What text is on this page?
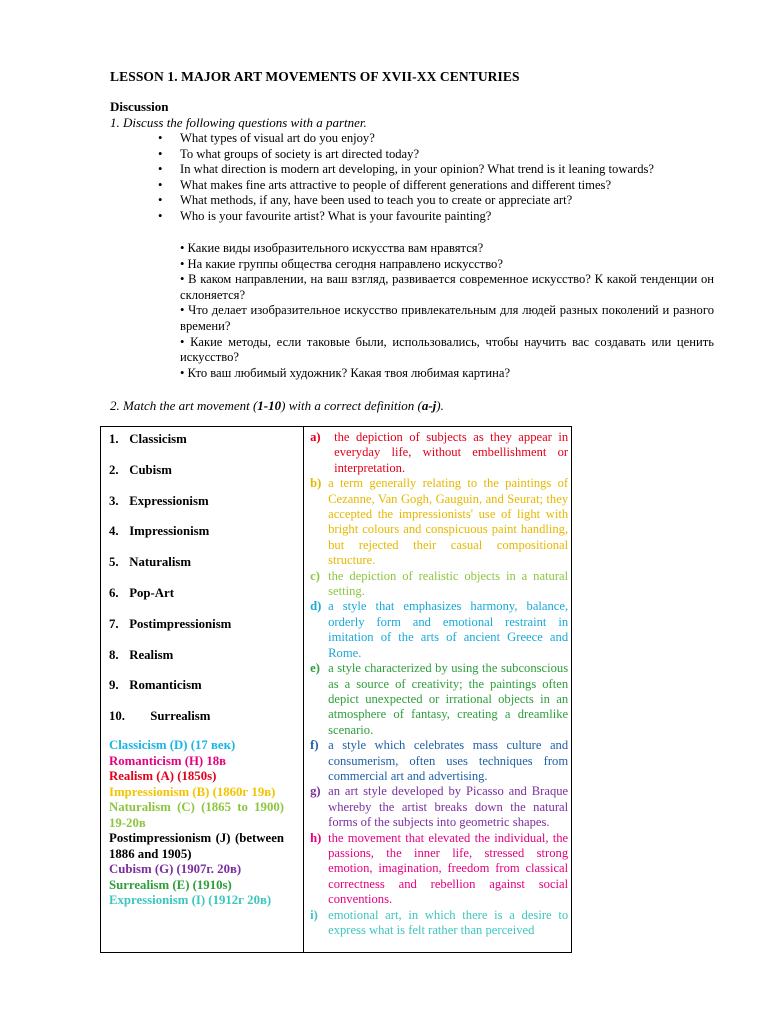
LESSON 1. MAJOR ART MOVEMENTS OF XVII-XX CENTURIES
Discussion
1. Discuss the following questions with a partner.
• What types of visual art do you enjoy?
• To what groups of society is art directed today?
• In what direction is modern art developing, in your opinion? What trend is it leaning towards?
• What makes fine arts attractive to people of different generations and different times?
• What methods, if any, have been used to teach you to create or appreciate art?
• Who is your favourite artist? What is your favourite painting?
• Какие виды изобразительного искусства вам нравятся?
• На какие группы общества сегодня направлено искусство?
• В каком направлении, на ваш взгляд, развивается современное искусство? К какой тенденции он склоняется?
• Что делает изобразительное искусство привлекательным для людей разных поколений и разного времени?
• Какие методы, если таковые были, использовались, чтобы научить вас создавать или ценить искусство?
• Кто ваш любимый художник? Какая твоя любимая картина?
2. Match the art movement (1-10) with a correct definition (a-j).
1. Classicism
2. Cubism
3. Expressionism
4. Impressionism
5. Naturalism
6. Pop-Art
7. Postimpressionism
8. Realism
9. Romanticism
10. Surrealism
Classicism (D) (17 век)
Romanticism (H) 18в
Realism (A) (1850s)
Impressionism (B) (1860г 19в)
Naturalism (C) (1865 to 1900) 19-20в
Postimpressionism (J) (between 1886 and 1905)
Cubism (G) (1907г. 20в)
Surrealism (E) (1910s)
Expressionism (I) (1912г 20в)

a) the depiction of subjects as they appear in everyday life, without embellishment or interpretation.
b) a term generally relating to the paintings of Cezanne, Van Gogh, Gauguin, and Seurat; they accepted the impressionists' use of light with bright colours and conspicuous paint handling, but rejected their casual compositional structure.
c) the depiction of realistic objects in a natural setting.
d) a style that emphasizes harmony, balance, orderly form and emotional restraint in imitation of the arts of ancient Greece and Rome.
e) a style characterized by using the subconscious as a source of creativity; the paintings often depict unexpected or irrational objects in an atmosphere of fantasy, creating a dreamlike scenario.
f) a style which celebrates mass culture and consumerism, often uses techniques from commercial art and advertising.
g) an art style developed by Picasso and Braque whereby the artist breaks down the natural forms of the subjects into geometric shapes.
h) the movement that elevated the individual, the passions, the inner life, stressed strong emotion, imagination, freedom from classical correctness and rebellion against social conventions.
i) emotional art, in which there is a desire to express what is felt rather than perceived
